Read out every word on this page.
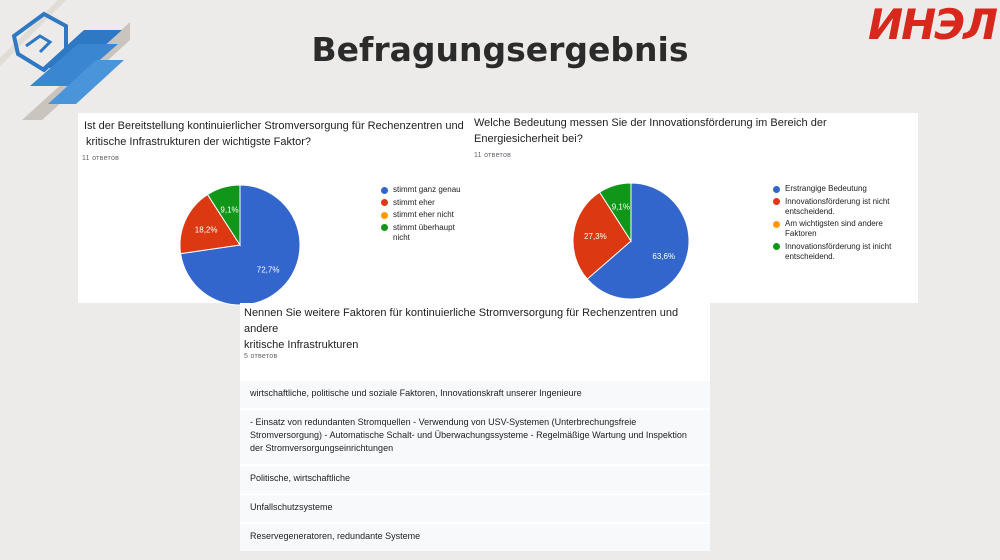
ИНЭЛ
Befragungsergebnis
Ist der Bereitstellung kontinuierlicher Stromversorgung für Rechenzentren und
kritische Infrastrukturen der wichtigste Faktor?
11 ответов
72,7%
18,2%
9,1%
stimmt ganz genau
stimmt eher
stimmt eher nicht
stimmt überhaupt nicht
Welche Bedeutung messen Sie der Innovationsförderung im Bereich der
Energiesicherheit bei?
11 ответов
63,6%
27,3%
9,1%
Erstrangige Bedeutung
Innovationsförderung ist nicht entscheidend.
Am wichtigsten sind andere Faktoren
Innovationsförderung ist inicht entscheidend.
Nennen Sie weitere Faktoren für kontinuierliche Stromversorgung für Rechenzentren und andere
kritische Infrastrukturen
5 ответов
wirtschaftliche, politische und soziale Faktoren, Innovationskraft unserer Ingenieure
- Einsatz von redundanten Stromquellen - Verwendung von USV-Systemen (Unterbrechungsfreie Stromversorgung) - Automatische Schalt- und Überwachungssysteme - Regelmäßige Wartung und Inspektion der Stromversorgungseinrichtungen
Politische, wirtschaftliche
Unfallschutzsysteme
Reservegeneratoren, redundante Systeme
